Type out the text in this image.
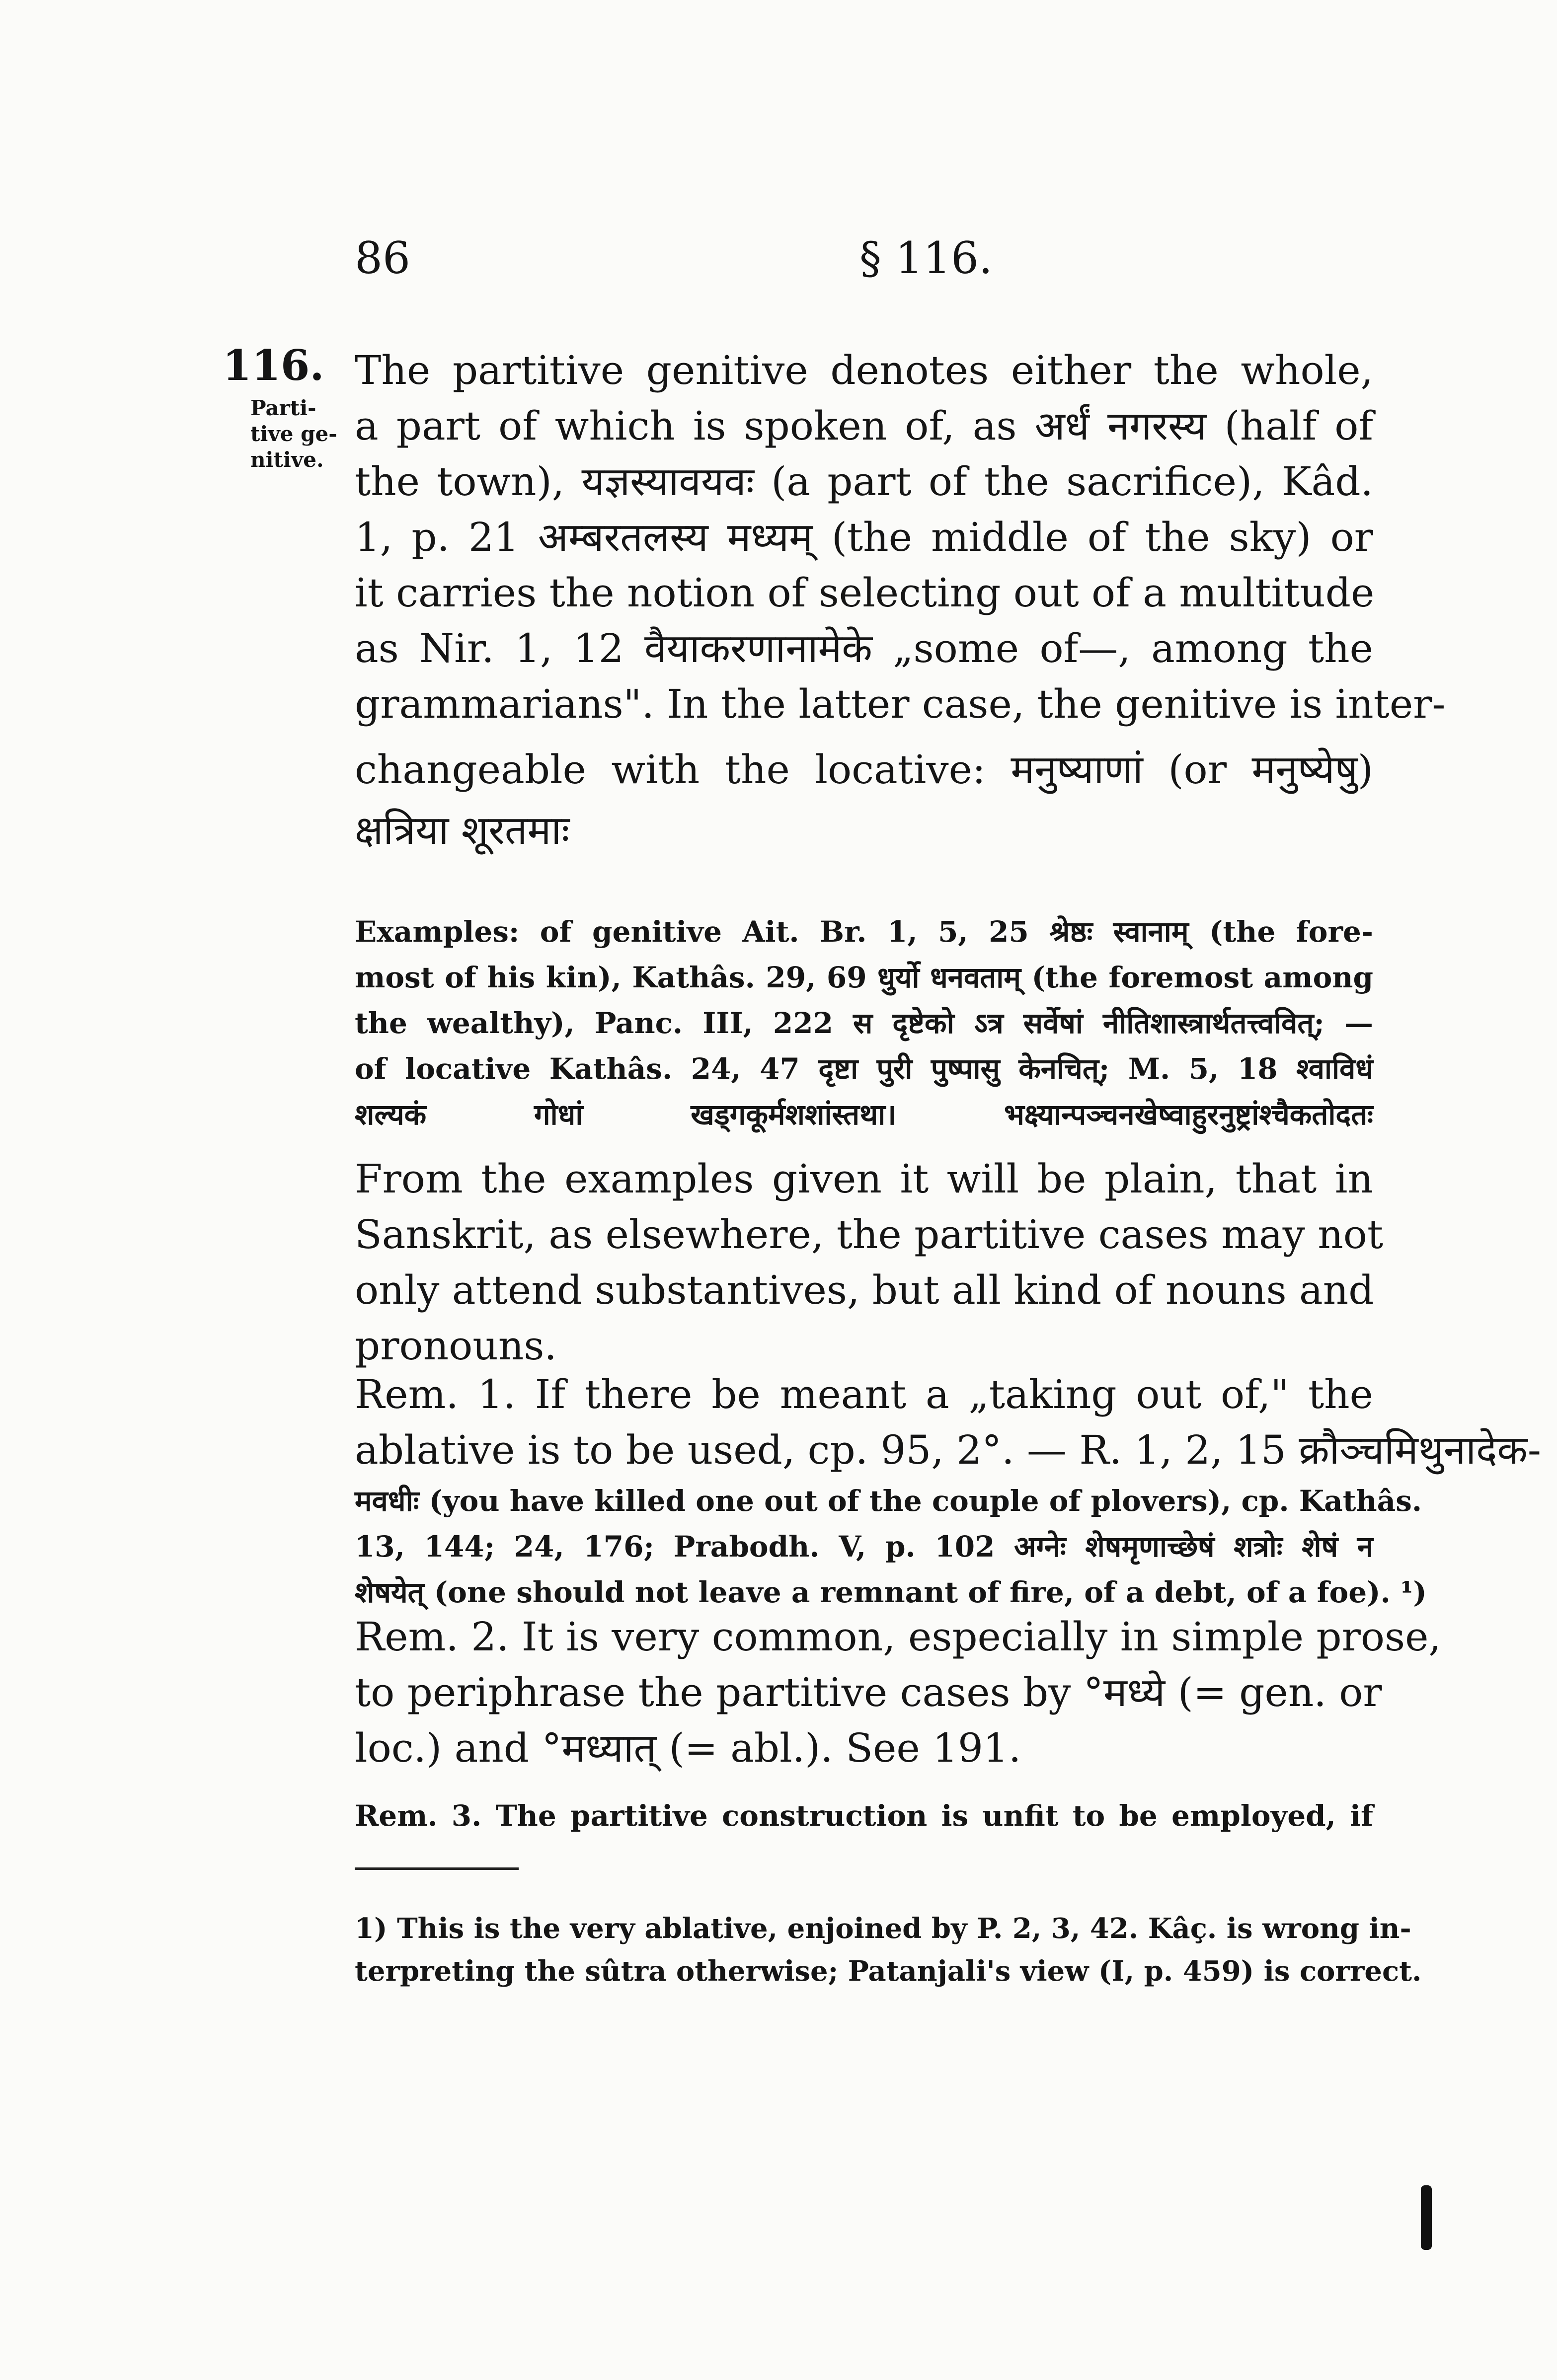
86	§ 116.
116.
Parti-
tive ge-
nitive.
The partitive genitive denotes either the whole,
a part of which is spoken of, as अर्धं नगरस्य (half of
the town), यज्ञस्यावयवः (a part of the sacrifice), Kâd.
1, p. 21 अम्बरतलस्य मध्यम् (the middle of the sky) or
it carries the notion of selecting out of a multitude
as Nir. 1, 12 वैयाकरणानामेके „some of—, among the
grammarians". In the latter case, the genitive is inter-
changeable with the locative: मनुष्याणां (or मनुष्येषु)
क्षत्रिया शूरतमाः
Examples: of genitive Ait. Br. 1, 5, 25 श्रेष्ठः स्वानाम् (the fore-
most of his kin), Kathâs. 29, 69 धुर्यो धनवताम् (the foremost among
the wealthy), Panc. III, 222 स दृष्टेको ऽत्र सर्वेषां नीतिशास्त्रार्थतत्त्ववित्; —
of locative Kathâs. 24, 47 दृष्टा पुरी पुष्पासु केनचित्; M. 5, 18 श्वाविधं
शल्यकं गोधां खड्गकूर्मशशांस्तथा। भक्ष्यान्पञ्चनखेष्वाहुरनुष्ट्रांश्चैकतोदतः
From the examples given it will be plain, that in
Sanskrit, as elsewhere, the partitive cases may not
only attend substantives, but all kind of nouns and
pronouns.
Rem. 1. If there be meant a „taking out of," the
ablative is to be used, cp. 95, 2°. — R. 1, 2, 15 क्रौञ्चमिथुनादेक-
मवधीः (you have killed one out of the couple of plovers), cp. Kathâs.
13, 144; 24, 176; Prabodh. V, p. 102 अग्नेः शेषमृणाच्छेषं शत्रोः शेषं न
शेषयेत् (one should not leave a remnant of fire, of a debt, of a foe). ¹)
Rem. 2. It is very common, especially in simple prose,
to periphrase the partitive cases by °मध्ये (= gen. or
loc.) and °मध्यात् (= abl.). See 191.
Rem. 3. The partitive construction is unfit to be employed, if
1) This is the very ablative, enjoined by P. 2, 3, 42. Kâç. is wrong in-
terpreting the sûtra otherwise; Patanjali's view (I, p. 459) is correct.
